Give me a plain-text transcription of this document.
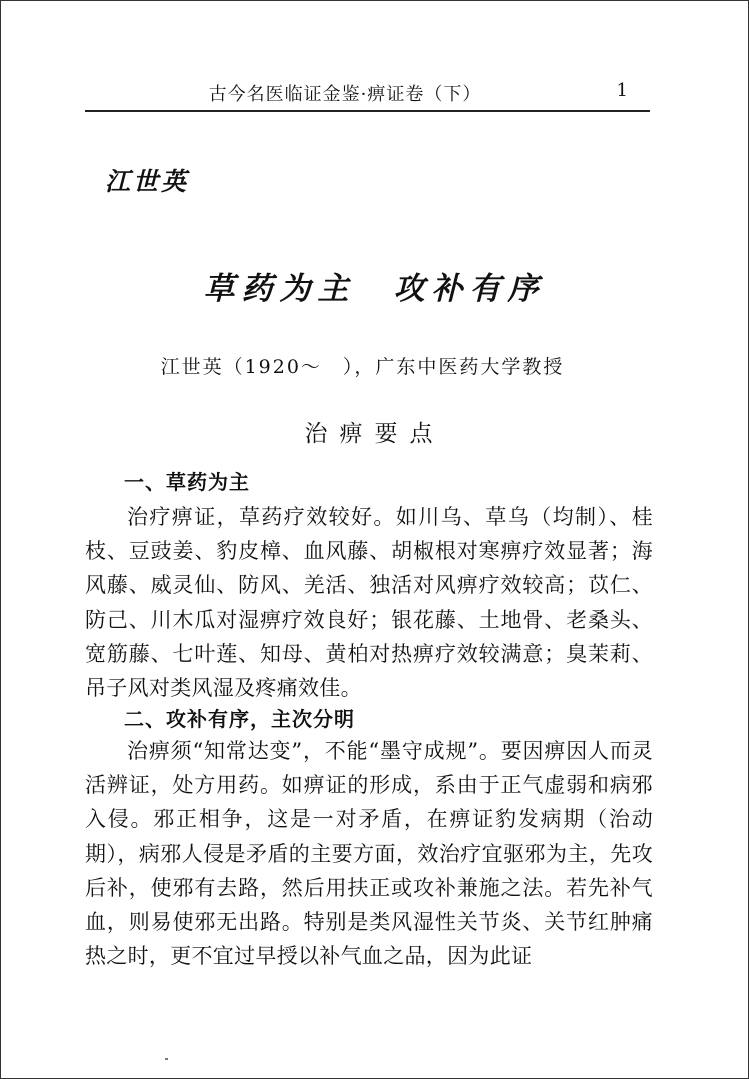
古今名医临证金鉴·痹证卷（下）	1
江世英
草药为主　攻补有序
江世英（1920～　），广东中医药大学教授
治痹要点
一、草药为主
治疗痹证，草药疗效较好。如川乌、草乌（均制）、桂枝、豆豉姜、豹皮樟、血风藤、胡椒根对寒痹疗效显著；海风藤、威灵仙、防风、羌活、独活对风痹疗效较高；苡仁、防己、川木瓜对湿痹疗效良好；银花藤、土地骨、老桑头、宽筋藤、七叶莲、知母、黄柏对热痹疗效较满意；臭茉莉、吊子风对类风湿及疼痛效佳。
二、攻补有序，主次分明
治痹须“知常达变”，不能“墨守成规”。要因痹因人而灵活辨证，处方用药。如痹证的形成，系由于正气虚弱和病邪入侵。邪正相争，这是一对矛盾，在痹证豹发病期（治动期），病邪人侵是矛盾的主要方面，效治疗宜驱邪为主，先攻后补，使邪有去路，然后用扶正或攻补兼施之法。若先补气血，则易使邪无出路。特别是类风湿性关节炎、关节红肿痛热之时，更不宜过早授以补气血之品，因为此证
